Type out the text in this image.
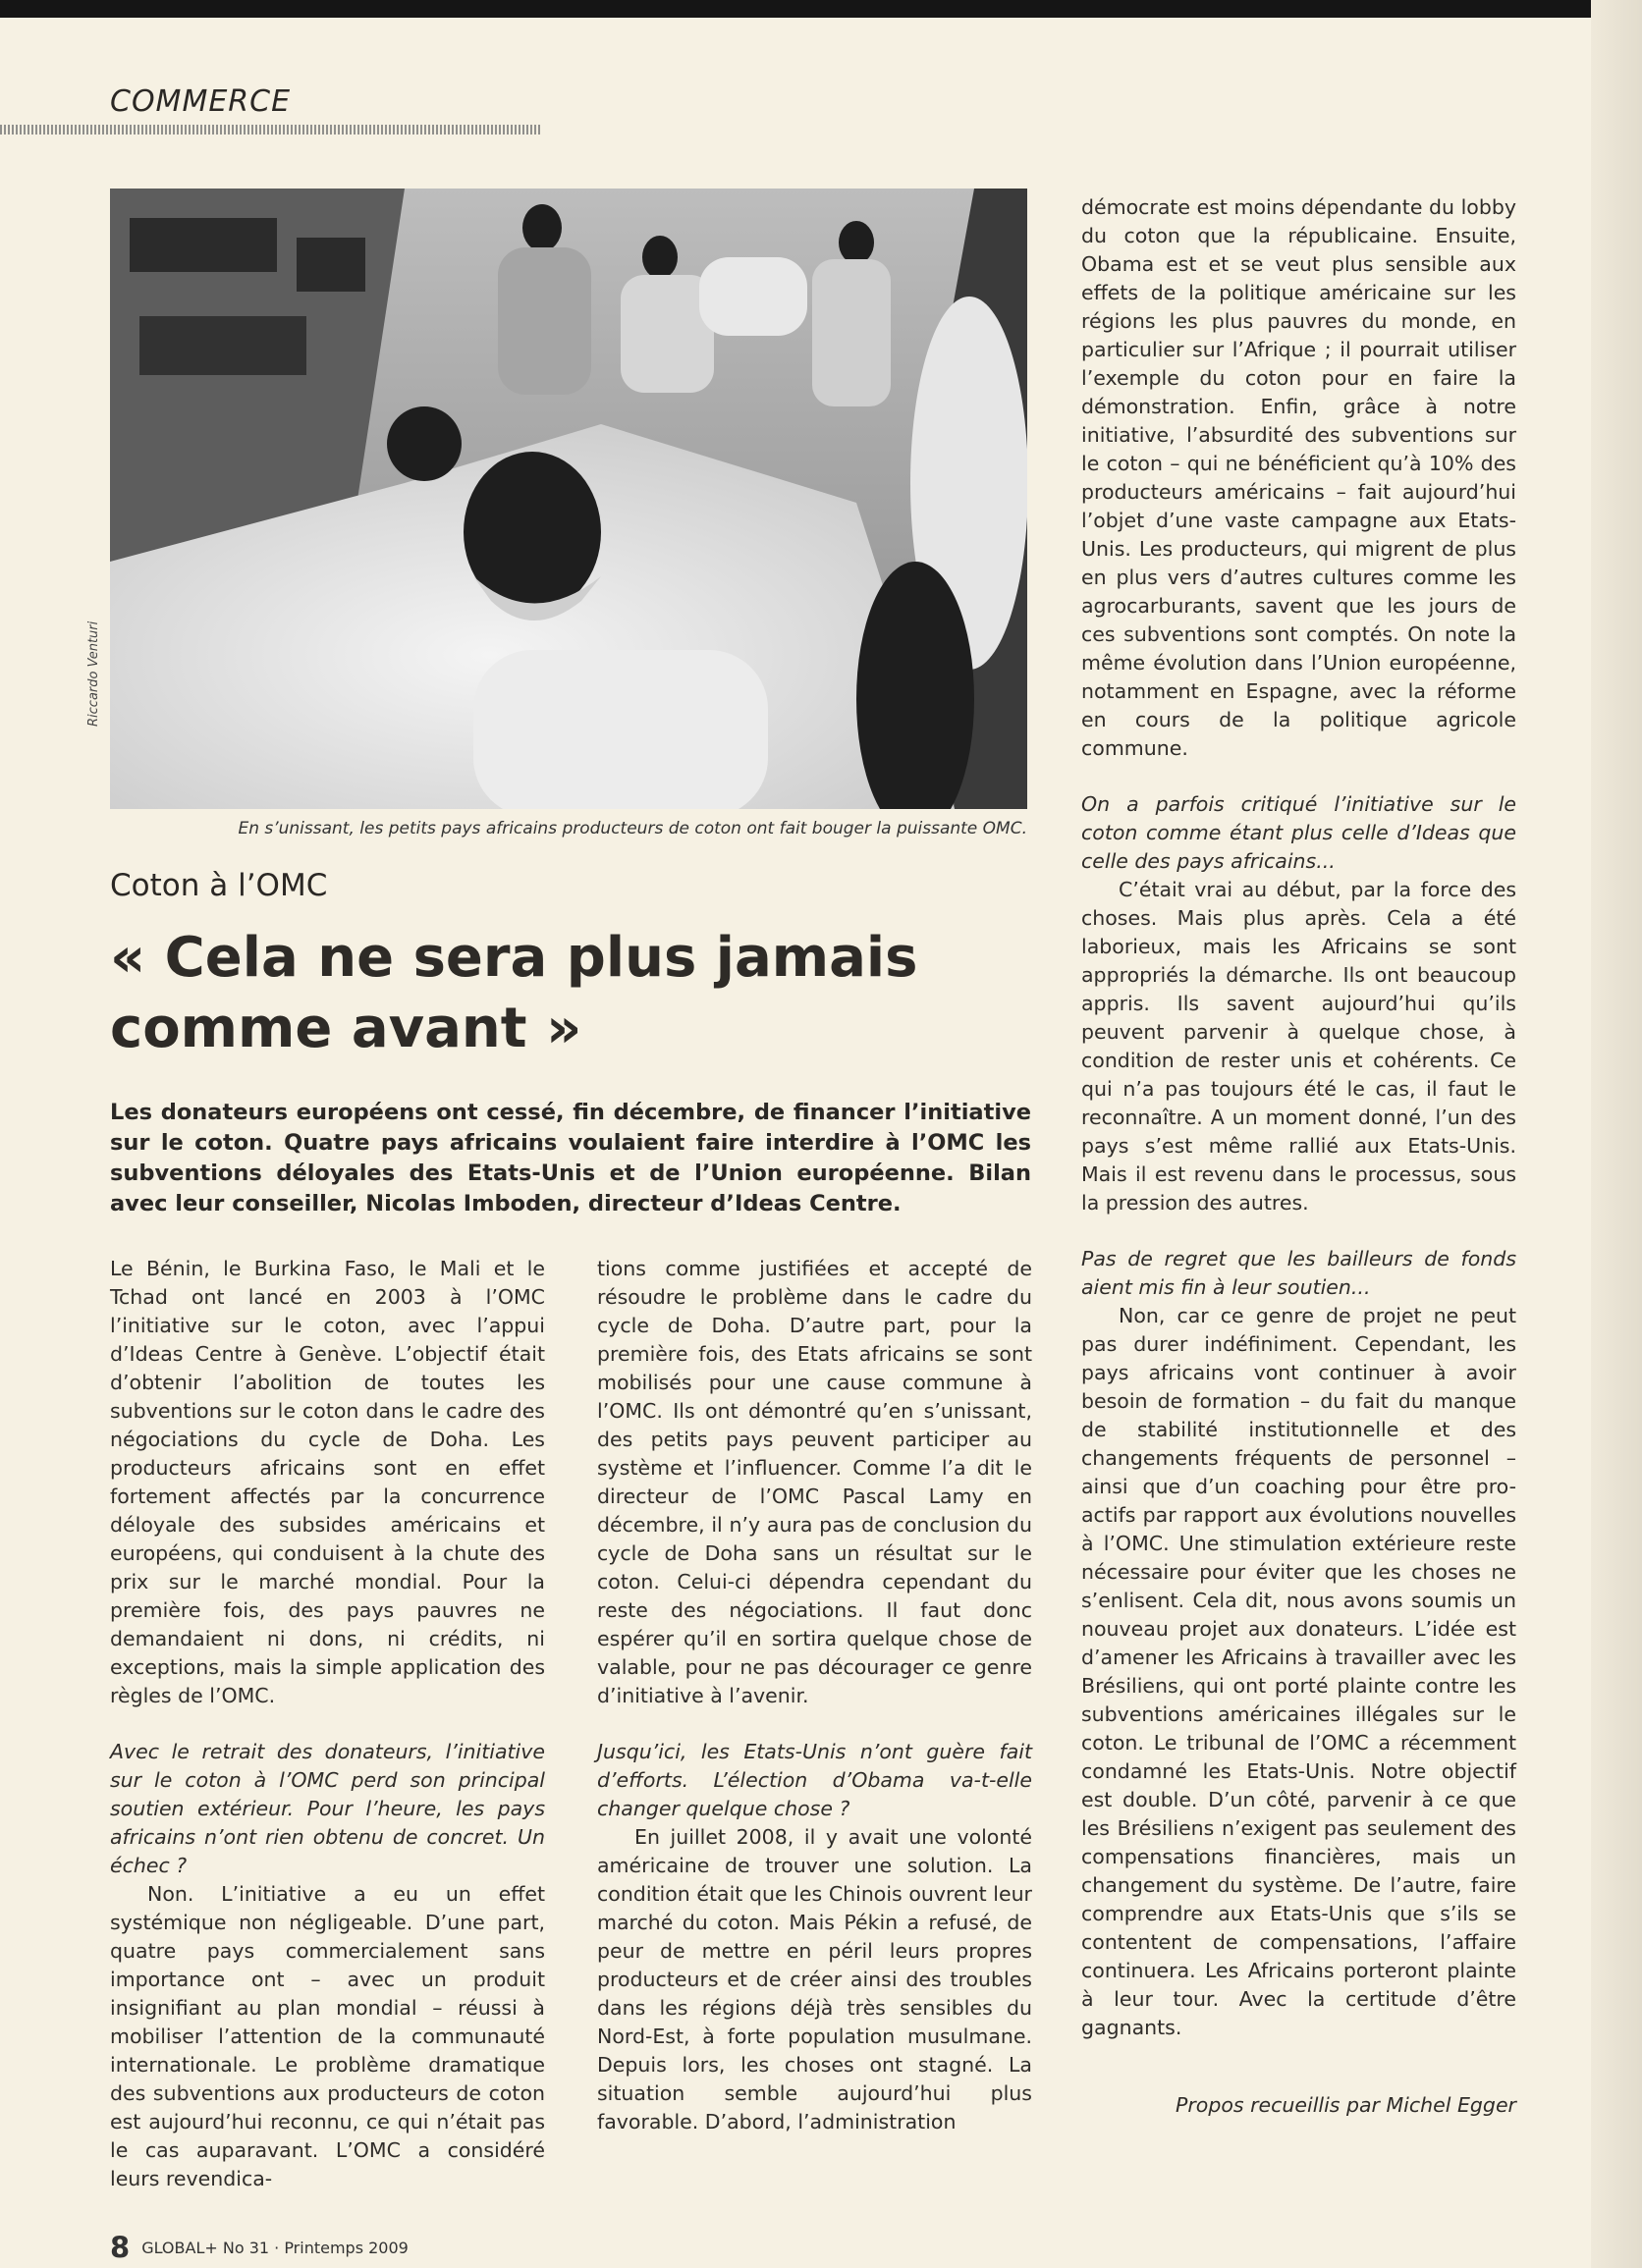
COMMERCE
Riccardo Venturi
En s’unissant, les petits pays africains producteurs de coton ont fait bouger la puissante OMC.
Coton à l’OMC
« Cela ne sera plus jamais comme avant »

Les donateurs européens ont cessé, fin décembre, de financer l’initiative sur le coton. Quatre pays africains voulaient faire interdire à l’OMC les subventions déloyales des Etats-Unis et de l’Union européenne. Bilan avec leur conseiller, Nicolas Imboden, directeur d’Ideas Centre.

Le Bénin, le Burkina Faso, le Mali et le Tchad ont lancé en 2003 à l’OMC l’initiative sur le coton, avec l’appui d’Ideas Centre à Genève. L’objectif était d’obtenir l’abolition de toutes les subventions sur le coton dans le cadre des négociations du cycle de Doha. Les producteurs africains sont en effet fortement affectés par la concurrence déloyale des subsides américains et européens, qui conduisent à la chute des prix sur le marché mondial. Pour la première fois, des pays pauvres ne demandaient ni dons, ni crédits, ni exceptions, mais la simple application des règles de l’OMC.

Avec le retrait des donateurs, l’initiative sur le coton à l’OMC perd son principal soutien extérieur. Pour l’heure, les pays africains n’ont rien obtenu de concret. Un échec ?

Non. L’initiative a eu un effet systémique non négligeable. D’une part, quatre pays commercialement sans importance ont – avec un produit insignifiant au plan mondial – réussi à mobiliser l’attention de la communauté internationale. Le problème dramatique des subventions aux producteurs de coton est aujourd’hui reconnu, ce qui n’était pas le cas auparavant. L’OMC a considéré leurs revendica-

tions comme justifiées et accepté de résoudre le problème dans le cadre du cycle de Doha. D’autre part, pour la première fois, des Etats africains se sont mobilisés pour une cause commune à l’OMC. Ils ont démontré qu’en s’unissant, des petits pays peuvent participer au système et l’influencer. Comme l’a dit le directeur de l’OMC Pascal Lamy en décembre, il n’y aura pas de conclusion du cycle de Doha sans un résultat sur le coton. Celui-ci dépendra cependant du reste des négociations. Il faut donc espérer qu’il en sortira quelque chose de valable, pour ne pas décourager ce genre d’initiative à l’avenir.

Jusqu’ici, les Etats-Unis n’ont guère fait d’efforts. L’élection d’Obama va-t-elle changer quelque chose ?

En juillet 2008, il y avait une volonté américaine de trouver une solution. La condition était que les Chinois ouvrent leur marché du coton. Mais Pékin a refusé, de peur de mettre en péril leurs propres producteurs et de créer ainsi des troubles dans les régions déjà très sensibles du Nord-Est, à forte population musulmane. Depuis lors, les choses ont stagné. La situation semble aujourd’hui plus favorable. D’abord, l’administration

démocrate est moins dépendante du lobby du coton que la républicaine. Ensuite, Obama est et se veut plus sensible aux effets de la politique américaine sur les régions les plus pauvres du monde, en particulier sur l’Afrique ; il pourrait utiliser l’exemple du coton pour en faire la démonstration. Enfin, grâce à notre initiative, l’absurdité des subventions sur le coton – qui ne bénéficient qu’à 10% des producteurs américains – fait aujourd’hui l’objet d’une vaste campagne aux Etats-Unis. Les producteurs, qui migrent de plus en plus vers d’autres cultures comme les agrocarburants, savent que les jours de ces subventions sont comptés. On note la même évolution dans l’Union européenne, notamment en Espagne, avec la réforme en cours de la politique agricole commune.

On a parfois critiqué l’initiative sur le coton comme étant plus celle d’Ideas que celle des pays africains...

C’était vrai au début, par la force des choses. Mais plus après. Cela a été laborieux, mais les Africains se sont appropriés la démarche. Ils ont beaucoup appris. Ils savent aujourd’hui qu’ils peuvent parvenir à quelque chose, à condition de rester unis et cohérents. Ce qui n’a pas toujours été le cas, il faut le reconnaître. A un moment donné, l’un des pays s’est même rallié aux Etats-Unis. Mais il est revenu dans le processus, sous la pression des autres.

Pas de regret que les bailleurs de fonds aient mis fin à leur soutien...

Non, car ce genre de projet ne peut pas durer indéfiniment. Cependant, les pays africains vont continuer à avoir besoin de formation – du fait du manque de stabilité institutionnelle et des changements fréquents de personnel – ainsi que d’un coaching pour être pro-actifs par rapport aux évolutions nouvelles à l’OMC. Une stimulation extérieure reste nécessaire pour éviter que les choses ne s’enlisent. Cela dit, nous avons soumis un nouveau projet aux donateurs. L’idée est d’amener les Africains à travailler avec les Brésiliens, qui ont porté plainte contre les subventions américaines illégales sur le coton. Le tribunal de l’OMC a récemment condamné les Etats-Unis. Notre objectif est double. D’un côté, parvenir à ce que les Brésiliens n’exigent pas seulement des compensations financières, mais un changement du système. De l’autre, faire comprendre aux Etats-Unis que s’ils se contentent de compensations, l’affaire continuera. Les Africains porteront plainte à leur tour. Avec la certitude d’être gagnants.

Propos recueillis par Michel Egger

8 GLOBAL+ No 31 · Printemps 2009
